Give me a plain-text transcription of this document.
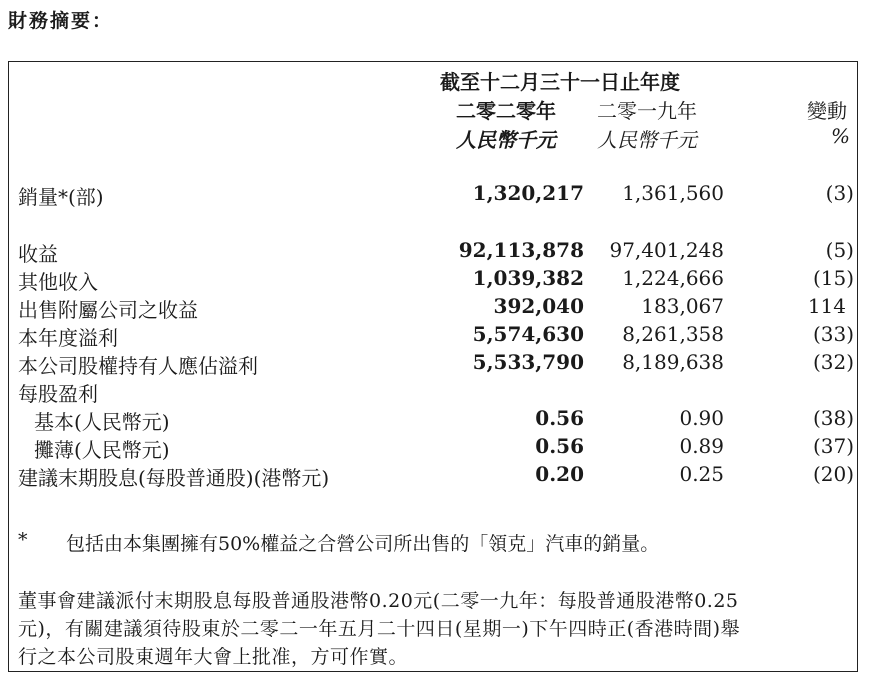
財務摘要：
截至十二月三十一日止年度
二零二零年 二零一九年	變動
人民幣千元 人民幣千元	%
銷量*(部)	1,320,217 1,361,560	(3)
收益	92,113,878 97,401,248	(5)
其他收入	1,039,382 1,224,666	(15)
出售附屬公司之收益	392,040	183,067	114
本年度溢利	5,574,630 8,261,358	(33)
本公司股權持有人應佔溢利	5,533,790 8,189,638	(32)
每股盈利
基本(人民幣元)	0.56	0.90	(38)
攤薄(人民幣元)	0.56	0.89	(37)
建議末期股息(每股普通股)(港幣元)	0.20	0.25	(20)
* 包括由本集團擁有50%權益之合營公司所出售的「領克」汽車的銷量。
董事會建議派付末期股息每股普通股港幣0.20元(二零一九年：每股普通股港幣0.25
元)，有關建議須待股東於二零二一年五月二十四日(星期一)下午四時正(香港時間)舉
行之本公司股東週年大會上批准，方可作實。
